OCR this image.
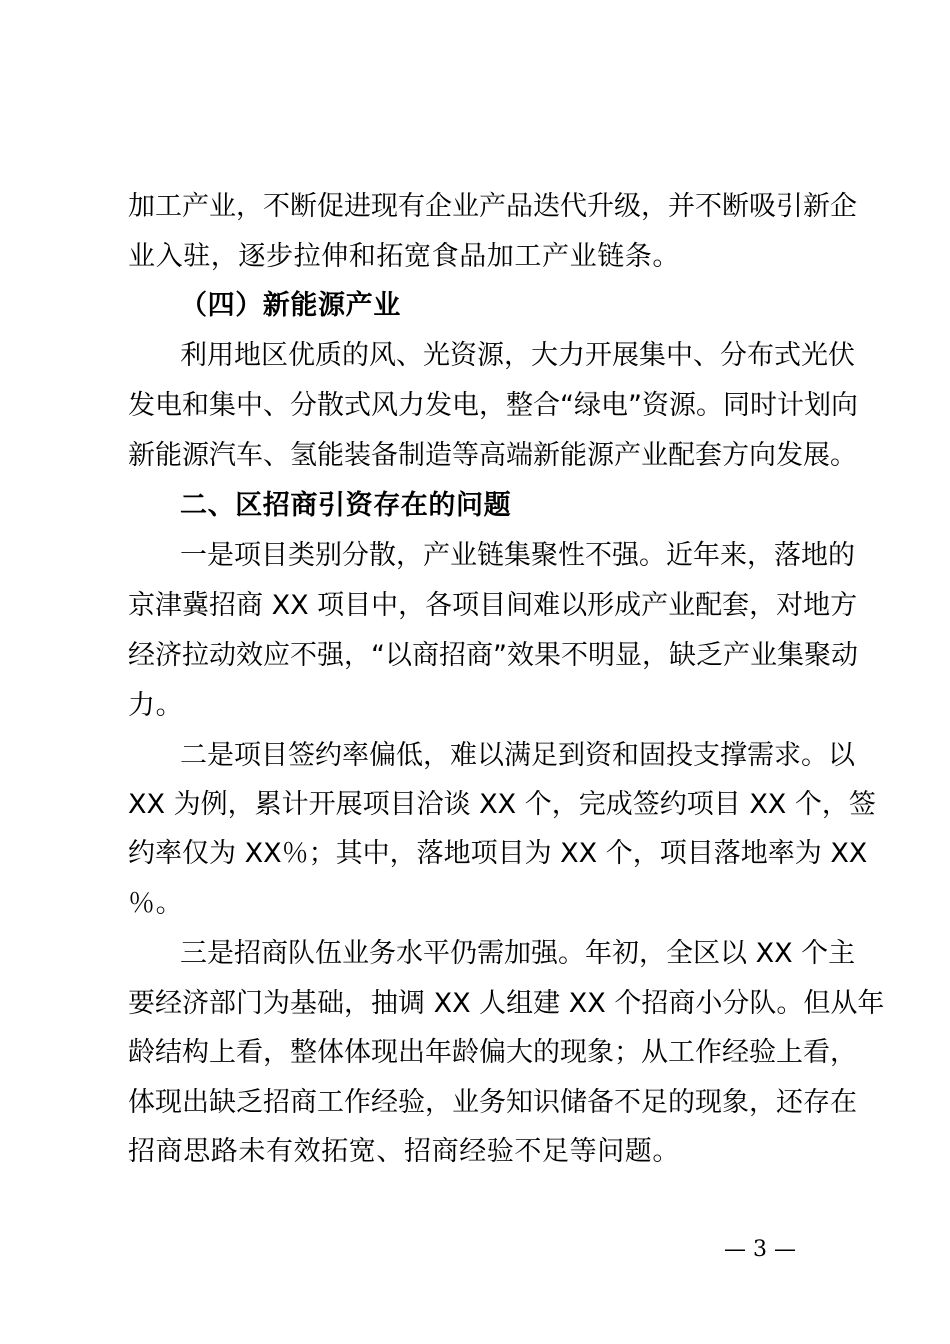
加工产业，不断促进现有企业产品迭代升级，并不断吸引新企
业入驻，逐步拉伸和拓宽食品加工产业链条。
（四）新能源产业
利用地区优质的风、光资源，大力开展集中、分布式光伏
发电和集中、分散式风力发电，整合“绿电”资源。同时计划向
新能源汽车、氢能装备制造等高端新能源产业配套方向发展。
二、区招商引资存在的问题
一是项目类别分散，产业链集聚性不强。近年来，落地的
京津冀招商 XX 项目中，各项目间难以形成产业配套，对地方
经济拉动效应不强，“以商招商”效果不明显，缺乏产业集聚动
力。
二是项目签约率偏低，难以满足到资和固投支撑需求。以
XX 为例，累计开展项目洽谈 XX 个，完成签约项目 XX 个，签
约率仅为 XX％；其中，落地项目为 XX 个，项目落地率为 XX
％。
三是招商队伍业务水平仍需加强。年初，全区以 XX 个主
要经济部门为基础，抽调 XX 人组建 XX 个招商小分队。但从年
龄结构上看，整体体现出年龄偏大的现象；从工作经验上看，
体现出缺乏招商工作经验，业务知识储备不足的现象，还存在
招商思路未有效拓宽、招商经验不足等问题。
— 3 —
